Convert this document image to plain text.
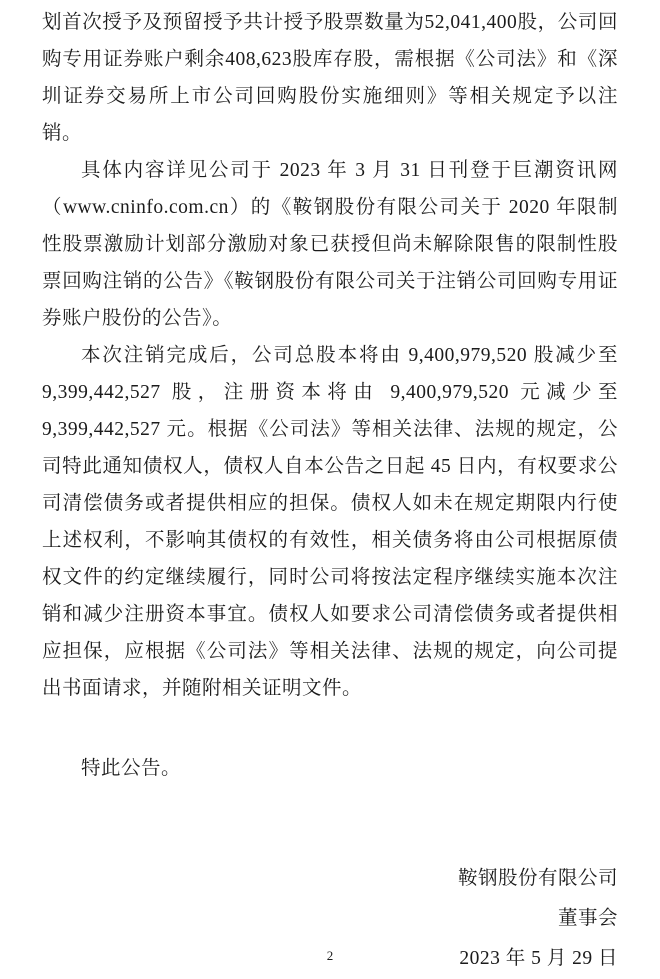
划首次授予及预留授予共计授予股票数量为52,041,400股，公司回购专用证券账户剩余408,623股库存股，需根据《公司法》和《深圳证券交易所上市公司回购股份实施细则》等相关规定予以注销。

具体内容详见公司于 2023 年 3 月 31 日刊登于巨潮资讯网（www.cninfo.com.cn）的《鞍钢股份有限公司关于 2020 年限制性股票激励计划部分激励对象已获授但尚未解除限售的限制性股票回购注销的公告》《鞍钢股份有限公司关于注销公司回购专用证券账户股份的公告》。

本次注销完成后，公司总股本将由 9,400,979,520 股减少至 9,399,442,527 股，注册资本将由 9,400,979,520 元减少至 9,399,442,527 元。根据《公司法》等相关法律、法规的规定，公司特此通知债权人，债权人自本公告之日起 45 日内，有权要求公司清偿债务或者提供相应的担保。债权人如未在规定期限内行使上述权利，不影响其债权的有效性，相关债务将由公司根据原债权文件的约定继续履行，同时公司将按法定程序继续实施本次注销和减少注册资本事宜。债权人如要求公司清偿债务或者提供相应担保，应根据《公司法》等相关法律、法规的规定，向公司提出书面请求，并随附相关证明文件。

特此公告。

鞍钢股份有限公司
董事会
2023 年 5 月 29 日
2
